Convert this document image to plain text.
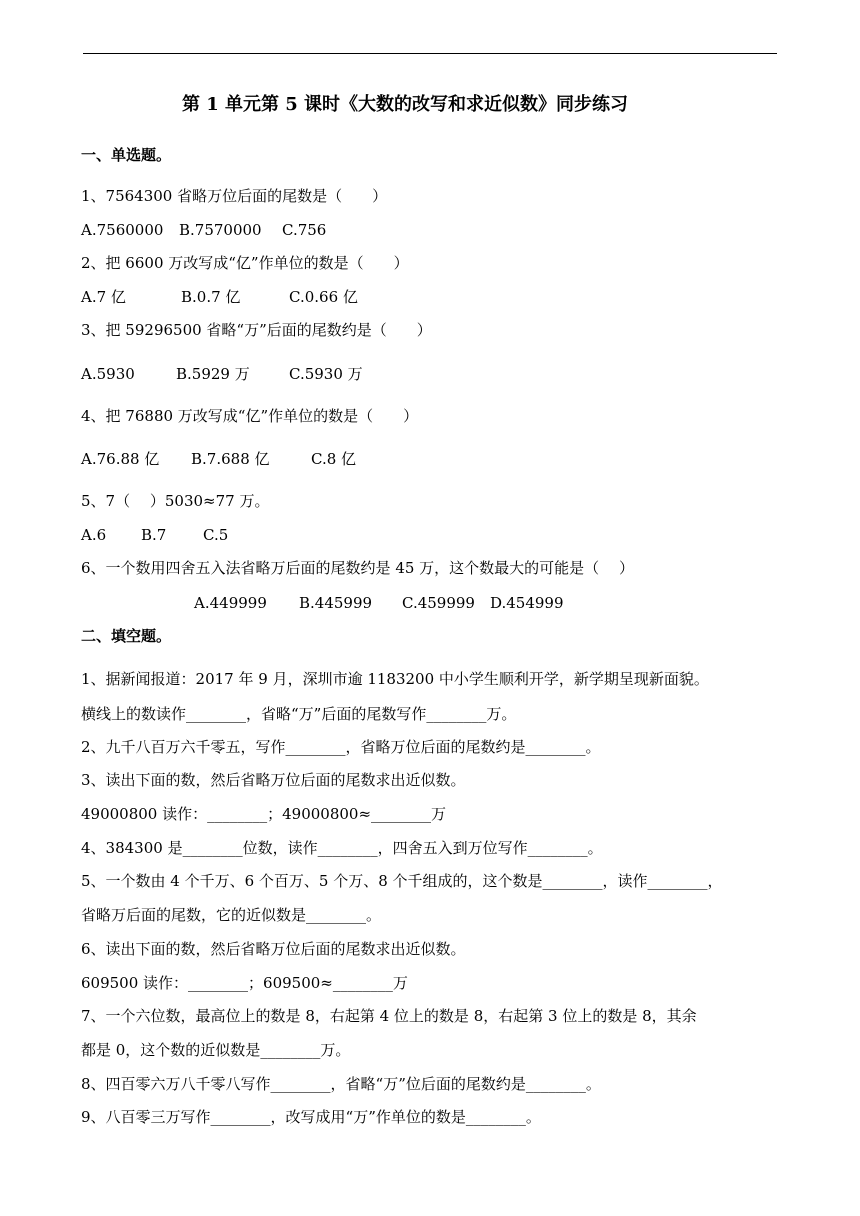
第 1 单元第 5 课时《大数的改写和求近似数》同步练习
一、单选题。
1、7564300 省略万位后面的尾数是（　　）
A.7560000 B.7570000 C.756
2、把 6600 万改写成“亿”作单位的数是（　　）
A.7 亿	B.0.7 亿	C.0.66 亿
3、把 59296500 省略“万”后面的尾数约是（　　）
A.5930	B.5929 万	C.5930 万
4、把 76880 万改写成“亿”作单位的数是（　　）
A.76.88 亿 B.7.688 亿	C.8 亿
5、7（　 ）5030≈77 万。
A.6 B.7 C.5
6、一个数用四舍五入法省略万后面的尾数约是 45 万，这个数最大的可能是（　 ）
A.449999 B.445999 C.459999 D.454999
二、填空题。
1、据新闻报道：2017 年 9 月，深圳市逾 1183200 中小学生顺利开学，新学期呈现新面貌。
横线上的数读作________，省略“万”后面的尾数写作________万。
2、九千八百万六千零五，写作________，省略万位后面的尾数约是________。
3、读出下面的数，然后省略万位后面的尾数求出近似数。
49000800 读作：________；49000800≈________万
4、384300 是________位数，读作________，四舍五入到万位写作________。
5、一个数由 4 个千万、6 个百万、5 个万、8 个千组成的，这个数是________，读作________，
省略万后面的尾数，它的近似数是________。
6、读出下面的数，然后省略万位后面的尾数求出近似数。
609500 读作：________；609500≈________万
7、一个六位数，最高位上的数是 8，右起第 4 位上的数是 8，右起第 3 位上的数是 8，其余
都是 0，这个数的近似数是________万。
8、四百零六万八千零八写作________，省略“万”位后面的尾数约是________。
9、八百零三万写作________，改写成用“万”作单位的数是________。
